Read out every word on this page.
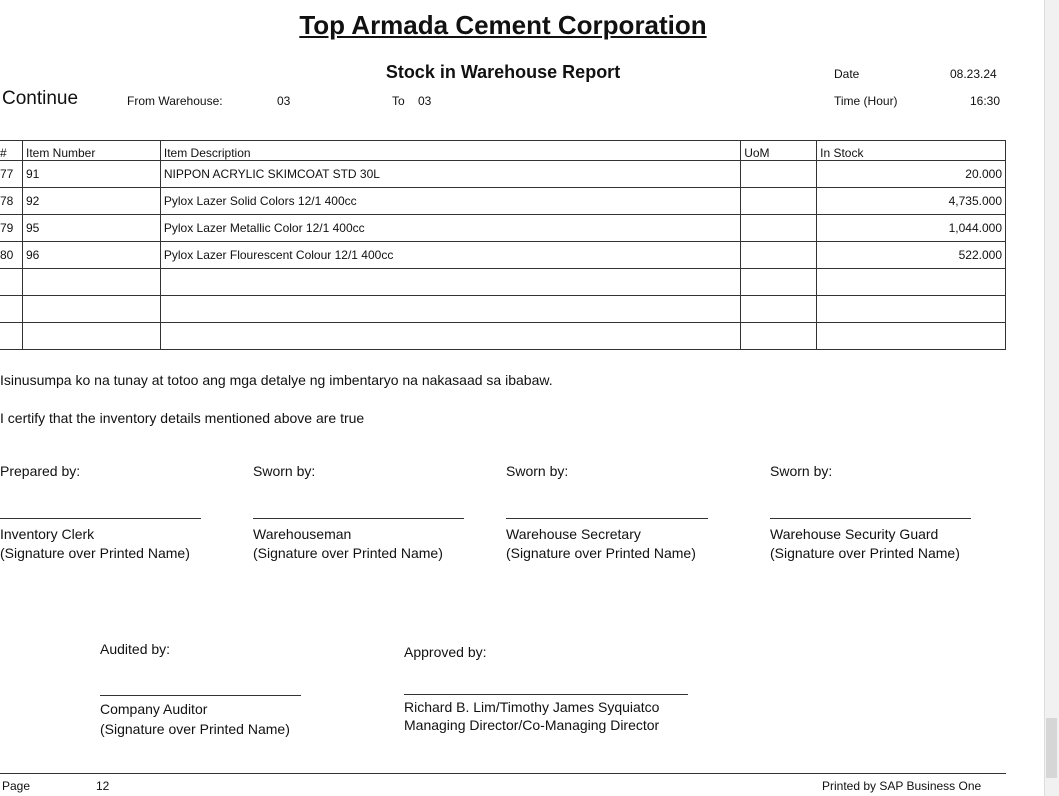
Top Armada Cement Corporation
Stock in Warehouse Report
Continue	From Warehouse:	03	To 03
Date	08.23.24
Time (Hour)	16:30
#	Item Number	Item Description	UoM	In Stock
77	91	NIPPON ACRYLIC SKIMCOAT STD 30L		20.000
78	92	Pylox Lazer Solid Colors 12/1 400cc		4,735.000
79	95	Pylox Lazer Metallic Color 12/1 400cc		1,044.000
80	96	Pylox Lazer Flourescent Colour 12/1 400cc		522.000

Isinusumpa ko na tunay at totoo ang mga detalye ng imbentaryo na nakasaad sa ibabaw.
I certify that the inventory details mentioned above are true
Prepared by:
Inventory Clerk
(Signature over Printed Name)
Sworn by:
Warehouseman
(Signature over Printed Name)
Sworn by:
Warehouse Secretary
(Signature over Printed Name)
Sworn by:
Warehouse Security Guard
(Signature over Printed Name)
Audited by:
Company Auditor
(Signature over Printed Name)
Approved by:
Richard B. Lim/Timothy James Syquiatco
Managing Director/Co-Managing Director
Page	12	Printed by SAP Business One
